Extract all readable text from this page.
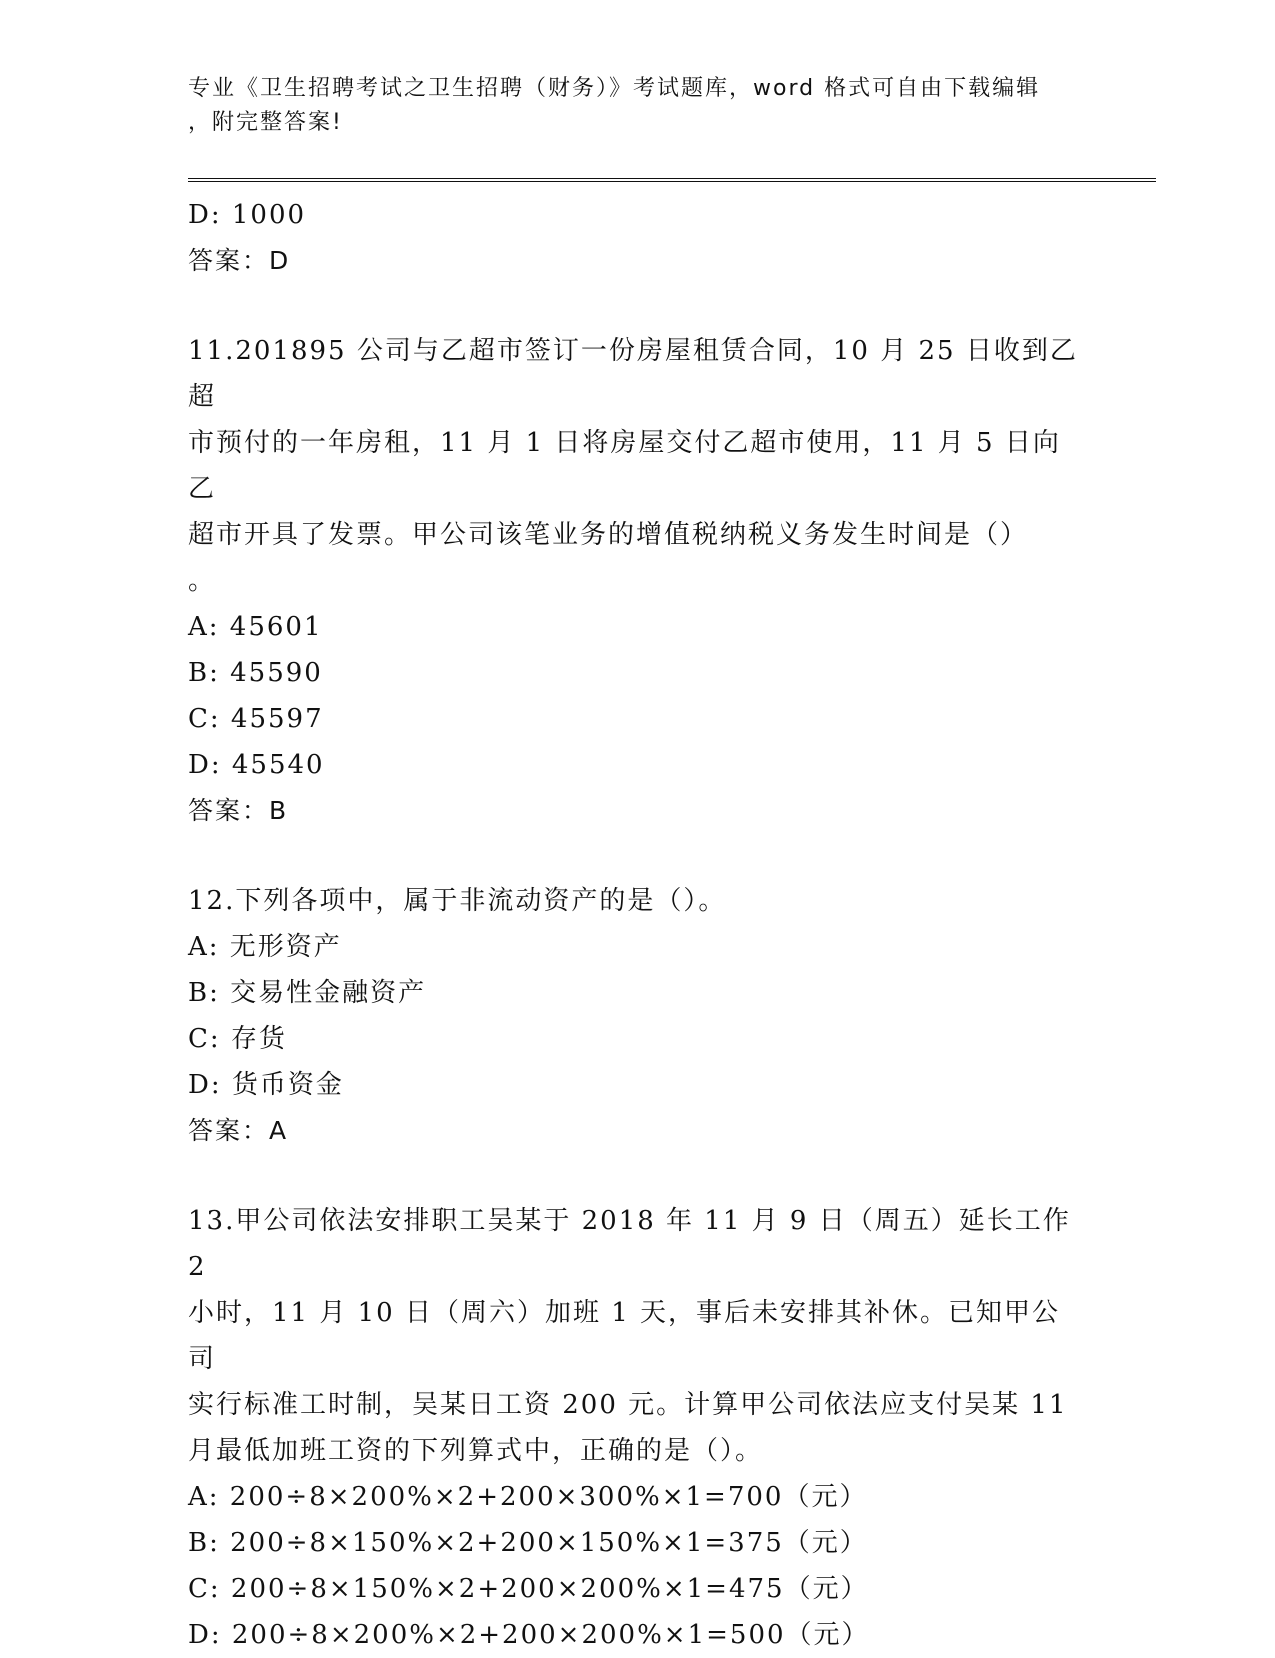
专业《卫生招聘考试之卫生招聘（财务）》考试题库，word 格式可自由下载编辑
，附完整答案!
D: 1000
答案：D
11.201895 公司与乙超市签订一份房屋租赁合同，10 月 25 日收到乙超
市预付的一年房租，11 月 1 日将房屋交付乙超市使用，11 月 5 日向乙
超市开具了发票。甲公司该笔业务的增值税纳税义务发生时间是（）
。
A: 45601
B: 45590
C: 45597
D: 45540
答案：B
12.下列各项中，属于非流动资产的是（）。
A: 无形资产
B: 交易性金融资产
C: 存货
D: 货币资金
答案：A
13.甲公司依法安排职工吴某于 2018 年 11 月 9 日（周五）延长工作 2
小时，11 月 10 日（周六）加班 1 天，事后未安排其补休。已知甲公司
实行标准工时制，吴某日工资 200 元。计算甲公司依法应支付吴某 11
月最低加班工资的下列算式中，正确的是（）。
A: 200÷8×200%×2+200×300%×1=700（元）
B: 200÷8×150%×2+200×150%×1=375（元）
C: 200÷8×150%×2+200×200%×1=475（元）
D: 200÷8×200%×2+200×200%×1=500（元）
